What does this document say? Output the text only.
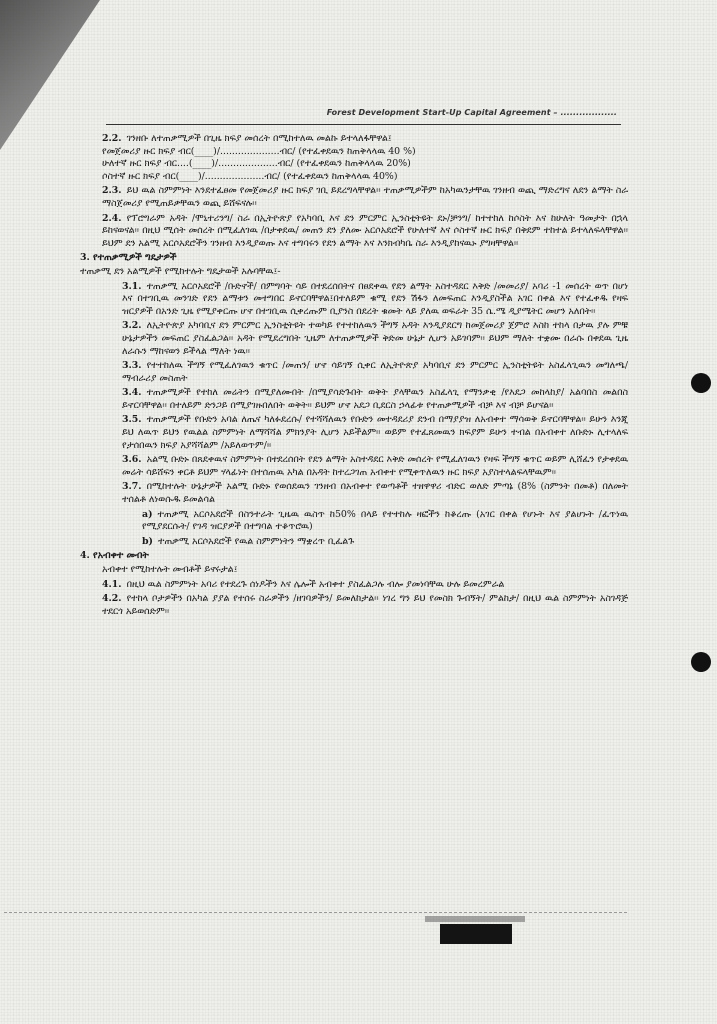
Forest Development Start-Up Capital Agreement – ..................
2.2. ገንዘቡ ለተጠቃሚዎች በጊዜ ክፍያ መሰረት በሚከተለዉ መልኩ ይተላለፋቸዋል፤
የመጀመሪያ ዙር ክፍያ ብር(____)/....................ብር/ (የተፈቀደዉን ከጠቅላላዉ 40 %)
ሁለተኛ ዙር ክፍያ ብር....(____)/....................ብር/ (የተፈቀደዉን ከጠቅላላዉ 20%)
ሶስተኛ ዙር ክፍያ ብር(____)/....................ብር/ (የተፈቀደዉን ከጠቅላላዉ 40%)
2.3. ይህ ዉል ስምምነት እንደተፈፀመ የመጀመሪያ ዙር ክፍያ ገቢ ይደረግላቸዋል፡፡ ተጠቃሚዎችም ከአካዉንታቸዉ ገንዘብ ወጪ ማድረግና ለደን ልማት ስራ ማስጀመሪያ የሚጠይቃቸዉን ወጪ ይሸፍናሉ፡፡
2.4. የፕሮግራም አዳት /ሞኒተሪንግ/ ስራ በኢትዮጵያ የአካባቢ እና ደን ምርምር ኢንስቲትዩት ደኑ/ቻንግ/ ከተተከለ ከሶስት እና ከሁለት ዓመታት በኋላ ይከናወናል፡፡ በዚህ ሚሰት መሰረት በሚፈለገዉ /በታቀደዉ/ መጠን ደን ያለሙ አርሶአደሮች የሁለተኛ እና ሶስተኛ ዙር ክፍያ በቅደም ተከተል ይተላለፍላቸዋል፡፡ ይህም ደን አልሚ አርሶአደሮችን ገንዘብ እንዲያወጡ እና ተግባሩን የደን ልማት እና እንክብካቤ ስራ እንዲያከናዉኑ ያግዛቸዋል፡፡
3. የተጠቃሚዎች ግዴታዎች
ተጠቃሚ ደን አልሚዎች የሚከተሉት ግዴታወች አሉባቸዉ፤-
3.1. ተጠቃሚ አርሶአደሮች /ቡድኖች/ በምግባት ሳይ በተደረሰበትና በፀደቀዉ የደን ልማት አስተዳደር እቅድ /መመሪያ/ አባሪ -1 መሰረት ወጥ በሆነ እና በተገቢዉ መንገድ የደን ልማቱን መተግበር ይኖርባቸዋል፤በተለይም ቁሚ የደን ሽፋን ለመፍጠር እንዲያስችል አገር በቀል እና የተፈቀዱ የዛፍ ዝርያዎች በአንድ ጊዜ የሚያቀርጡ ሆኖ በተገቢዉ ሲቀረጡም ቢያንስ በደረት ቁመት ላይ ያለዉ ወፍራት 35 ሴ.ሜ ዲያሜትር መሆን አለበት፡፡
3.2. ለኢትዮጵያ አካባቢና ደን ምርምር ኢንስቲትዩት ተወካይ የተተከለዉን ችግኝ አዳት እንዲያደርግ ከመጀመሪያ ጀምሮ እስከ ተከላ በታዉ ያሉ ምቹ ሁኔታዎችን መፍጠር ያስፈልጋል፡፡ አዳት የሚደረግበት ጊዜም ለተጠቃሚዎች ቅድመ ሁኔታ ሊሆን አይገባም፡፡ ይህም ማለት ተቋሙ በራሱ በቀደዉ ጊዜ ለራሱን ማከናወን ይችላል ማለት ነዉ፡፡
3.3. የተተከለዉ ችግኝ የሚፈለገዉን ቁጥር /መጠን/ ሆኖ ሳይገኝ ሲቀር ለኢትዮጵያ አካባቢና ደን ምርምር ኢንስቲትዩት አስፈላጊዉን መግለጫ/ማብራሪያ መስጠት
3.4. ተጠቃሚዎች የተከለ መሬትን በሚያለሙበት /በሚያሳድጉበት ወቅት ያላቸዉን አስፈላጊ የማንቃቂ /የእደጋ መከላከያ/ አልባበስ መልበስ ይኖርባቸዋል፡፡ በተለይም ድንጋይ በሚያገዙበለበት ወቅት፡፡ ይህም ሆኖ አደጋ ቢደርስ ኃላፊቱ የተጠቃሚዎች ብቻ እና ብቻ ይሆናል፡፡
3.5. ተጠቃሚዎች የቡድን አባል ለጤና ካለፉደረሱ/ የተሻሻለዉን የቡድን መተዳደሪያ ደንብ በማያያዝ ለአብቀተ ማሳወቅ ይኖርባቸዋል፡፡ ይሁን እንጂ ይህ ለዉጥ ይህን የዉልል ስምምነት ለማሻሻል ምክንያት ሊሆን አይችልም፡፡ ወይም የተፈጸመዉን ክፍያም ይሁን ተብል በአብቀተ ለቡድኑ ሊተላለፍ የታሰበዉን ክፍያ አያሻሻልም /አይለወጥም/፡፡
3.6. አልሚ ቡድኑ በጸደቀዉና ስምምነት በተደረሰበት የደን ልማት አስተዳደር እቅድ መሰረት የሚፈለገዉን የዛፍ ችግኝ ቁጥር ወይም ሊሸፈን የታቀደዉ መሬት ሳይሸፍን ቀርቶ ይህም ሃላፊነት በተሰጠዉ አካል በአዳት ከተረጋገጠ አብቀተ የሚቀጥለዉን ዙር ክፍያ አያስተላልፍላቸዉም፡፡
3.7. በሚከተሉት ሁኔታዎች አልሚ ቡድኑ የወሰደዉን ገንዘብ በአብቀተ የወጣቶች ተዘዋዋሪ ብድር ወለድ ምጣኔ (8% (ስምንት በመቶ) በለመት ተሰልቶ ለነወሱዱ ይመልሳል
a) ተጠቃሚ አርሶአደሮች በስንተራት ጊዜዉ ዉስጥ ከ50% በላይ የተተከሉ ዛፎችን ከቆረጡ (አገር በቀል የሆኑት እና ያልሆኑት /ፈጥነዉ የሚያደርሱት/ የገዳ ዝርያዎች በተግባል ተቆጥሮዉ)
b) ተጠቃሚ አርሶአደሮች የዉል ስምምነትን ማቋረጥ ቢፈልጉ
4. የአብቀተ መብት
አብቀተ የሚከተሉት መብቶች ይኖሩታል፤
4.1. በዚህ ዉል ስምምነት አባሪ የተደረጉ ሰነዶችን እና ሌሎች አብቀተ ያስፈልጋሉ ብሎ ያመነባቸዉ ሁሉ ይመረምራል
4.2. የተከላ ቦታዎችን በአካል ያያል የተሰሩ ስራዎችን /ዘገባዎችን/ ይመለከታል፡፡ ነገረ ግን ይህ የመስክ ጉብኝት/ ምልከታ/ በዚህ ዉል ስምምነት አስገዳጅ ተደርጎ አይወሰድም፡፡
